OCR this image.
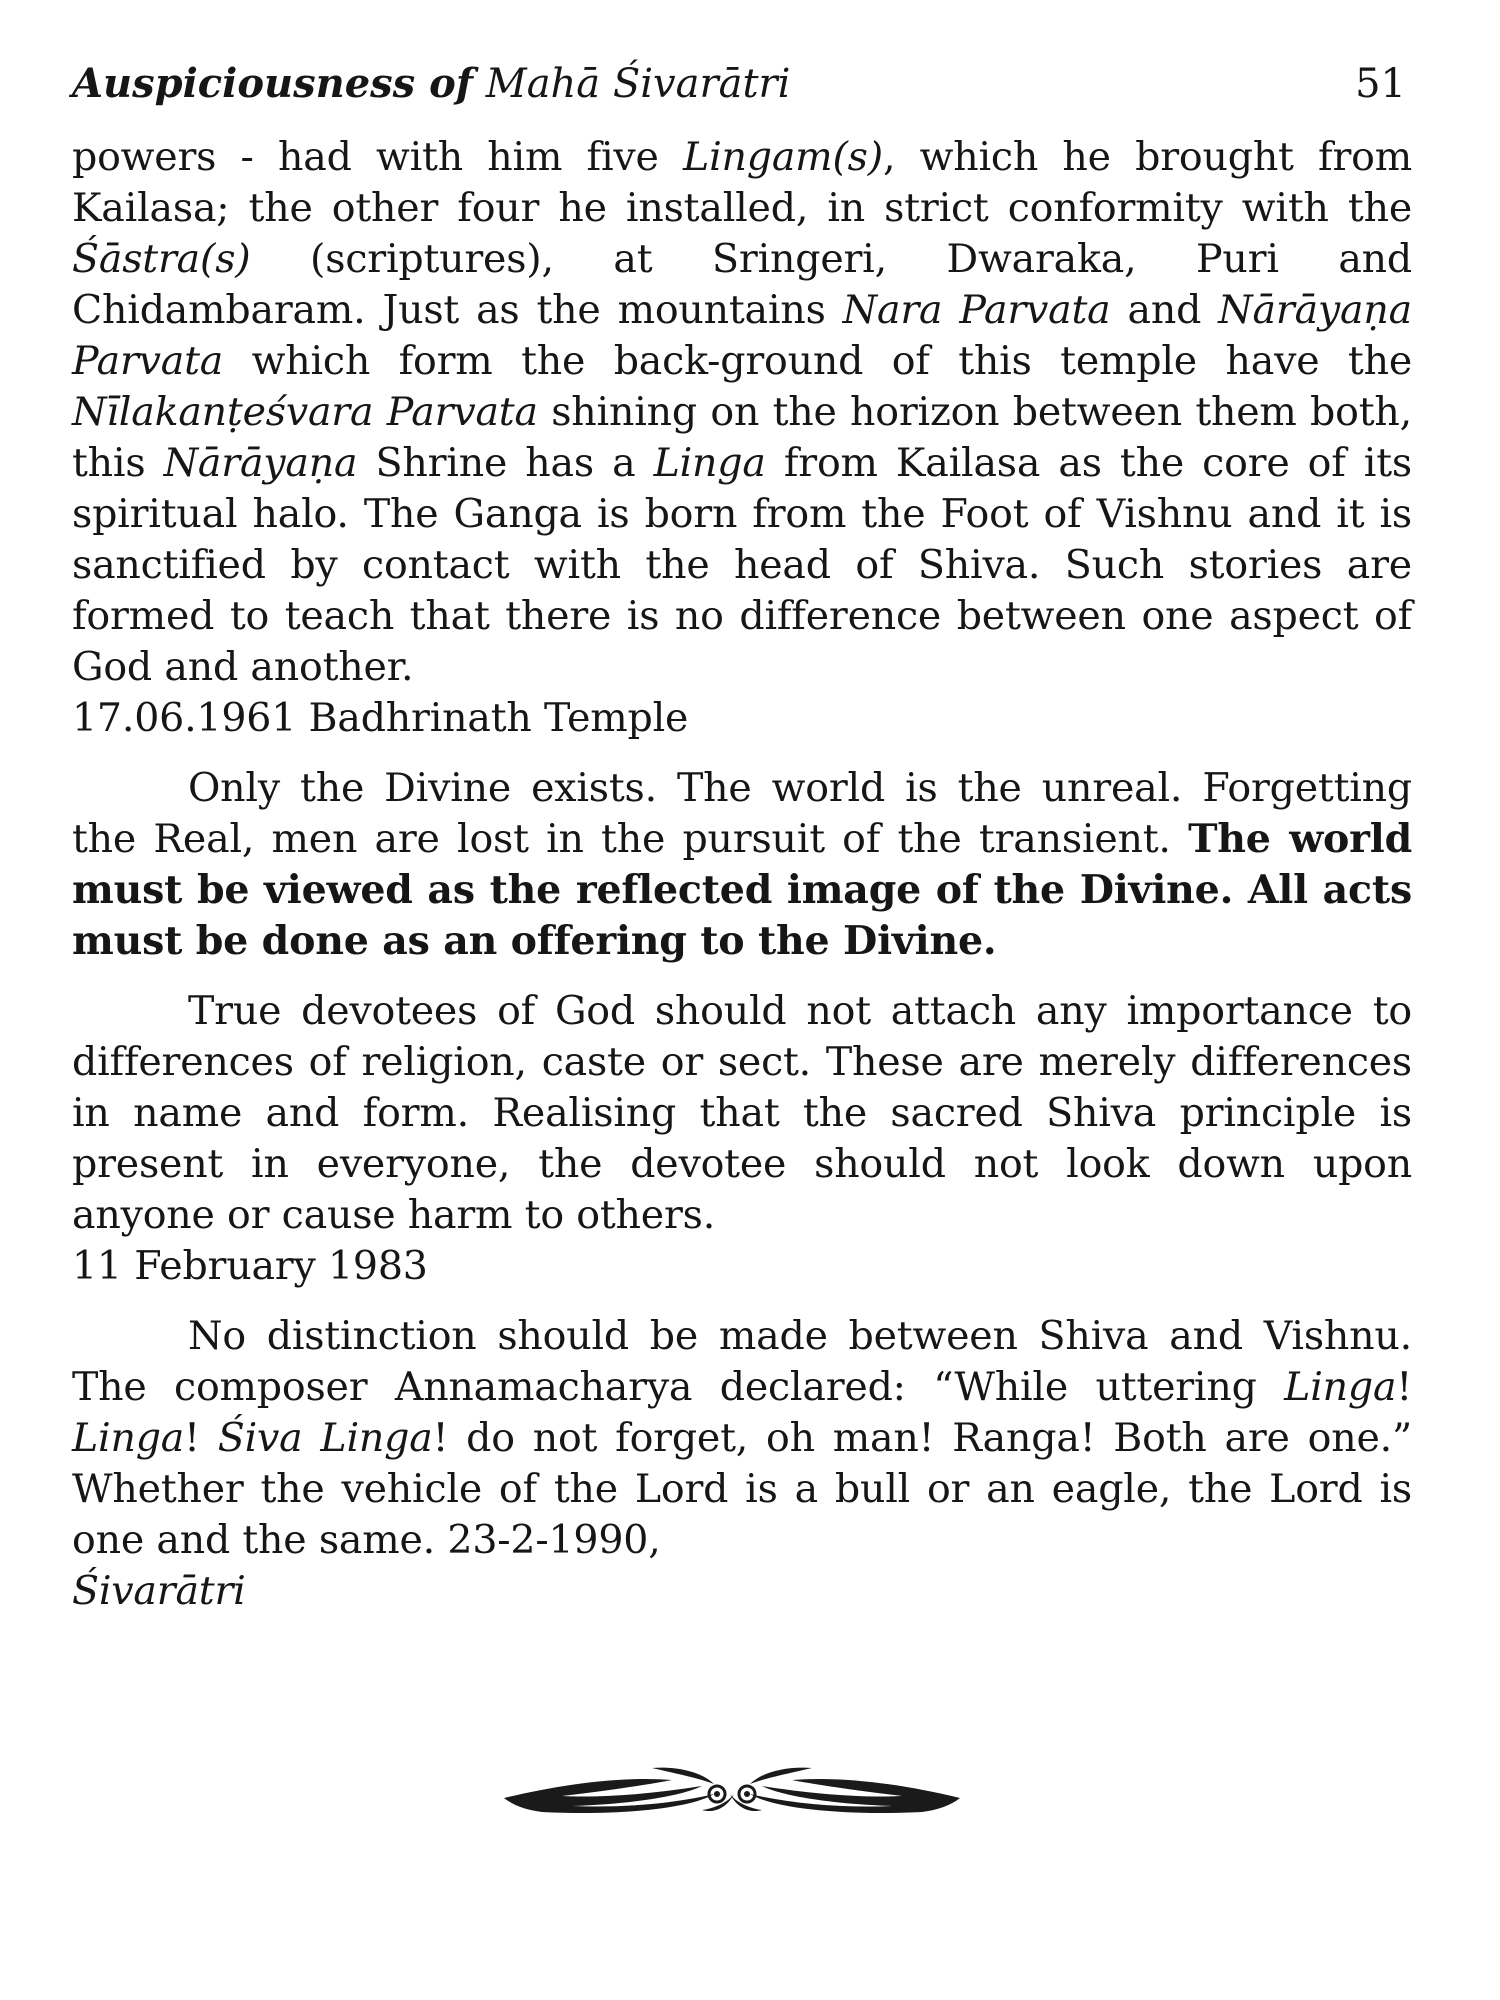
Auspiciousness of Mahā Śivarātri	51

powers - had with him five Lingam(s), which he brought from Kailasa; the other four he installed, in strict conformity with the Śāstra(s) (scriptures), at Sringeri, Dwaraka, Puri and Chidambaram. Just as the mountains Nara Parvata and Nārāyaṇa Parvata which form the back-ground of this temple have the Nīlakanṭeśvara Parvata shining on the horizon between them both, this Nārāyaṇa Shrine has a Linga from Kailasa as the core of its spiritual halo. The Ganga is born from the Foot of Vishnu and it is sanctified by contact with the head of Shiva. Such stories are formed to teach that there is no difference between one aspect of God and another.

17.06.1961 Badhrinath Temple

Only the Divine exists. The world is the unreal. Forgetting the Real, men are lost in the pursuit of the transient. The world must be viewed as the reflected image of the Divine. All acts must be done as an offering to the Divine.

True devotees of God should not attach any importance to differences of religion, caste or sect. These are merely differences in name and form. Realising that the sacred Shiva principle is present in everyone, the devotee should not look down upon anyone or cause harm to others.

11 February 1983

No distinction should be made between Shiva and Vishnu. The composer Annamacharya declared: “While uttering Linga! Linga! Śiva Linga! do not forget, oh man! Ranga! Both are one.” Whether the vehicle of the Lord is a bull or an eagle, the Lord is one and the same. 23-2-1990,

Śivarātri
